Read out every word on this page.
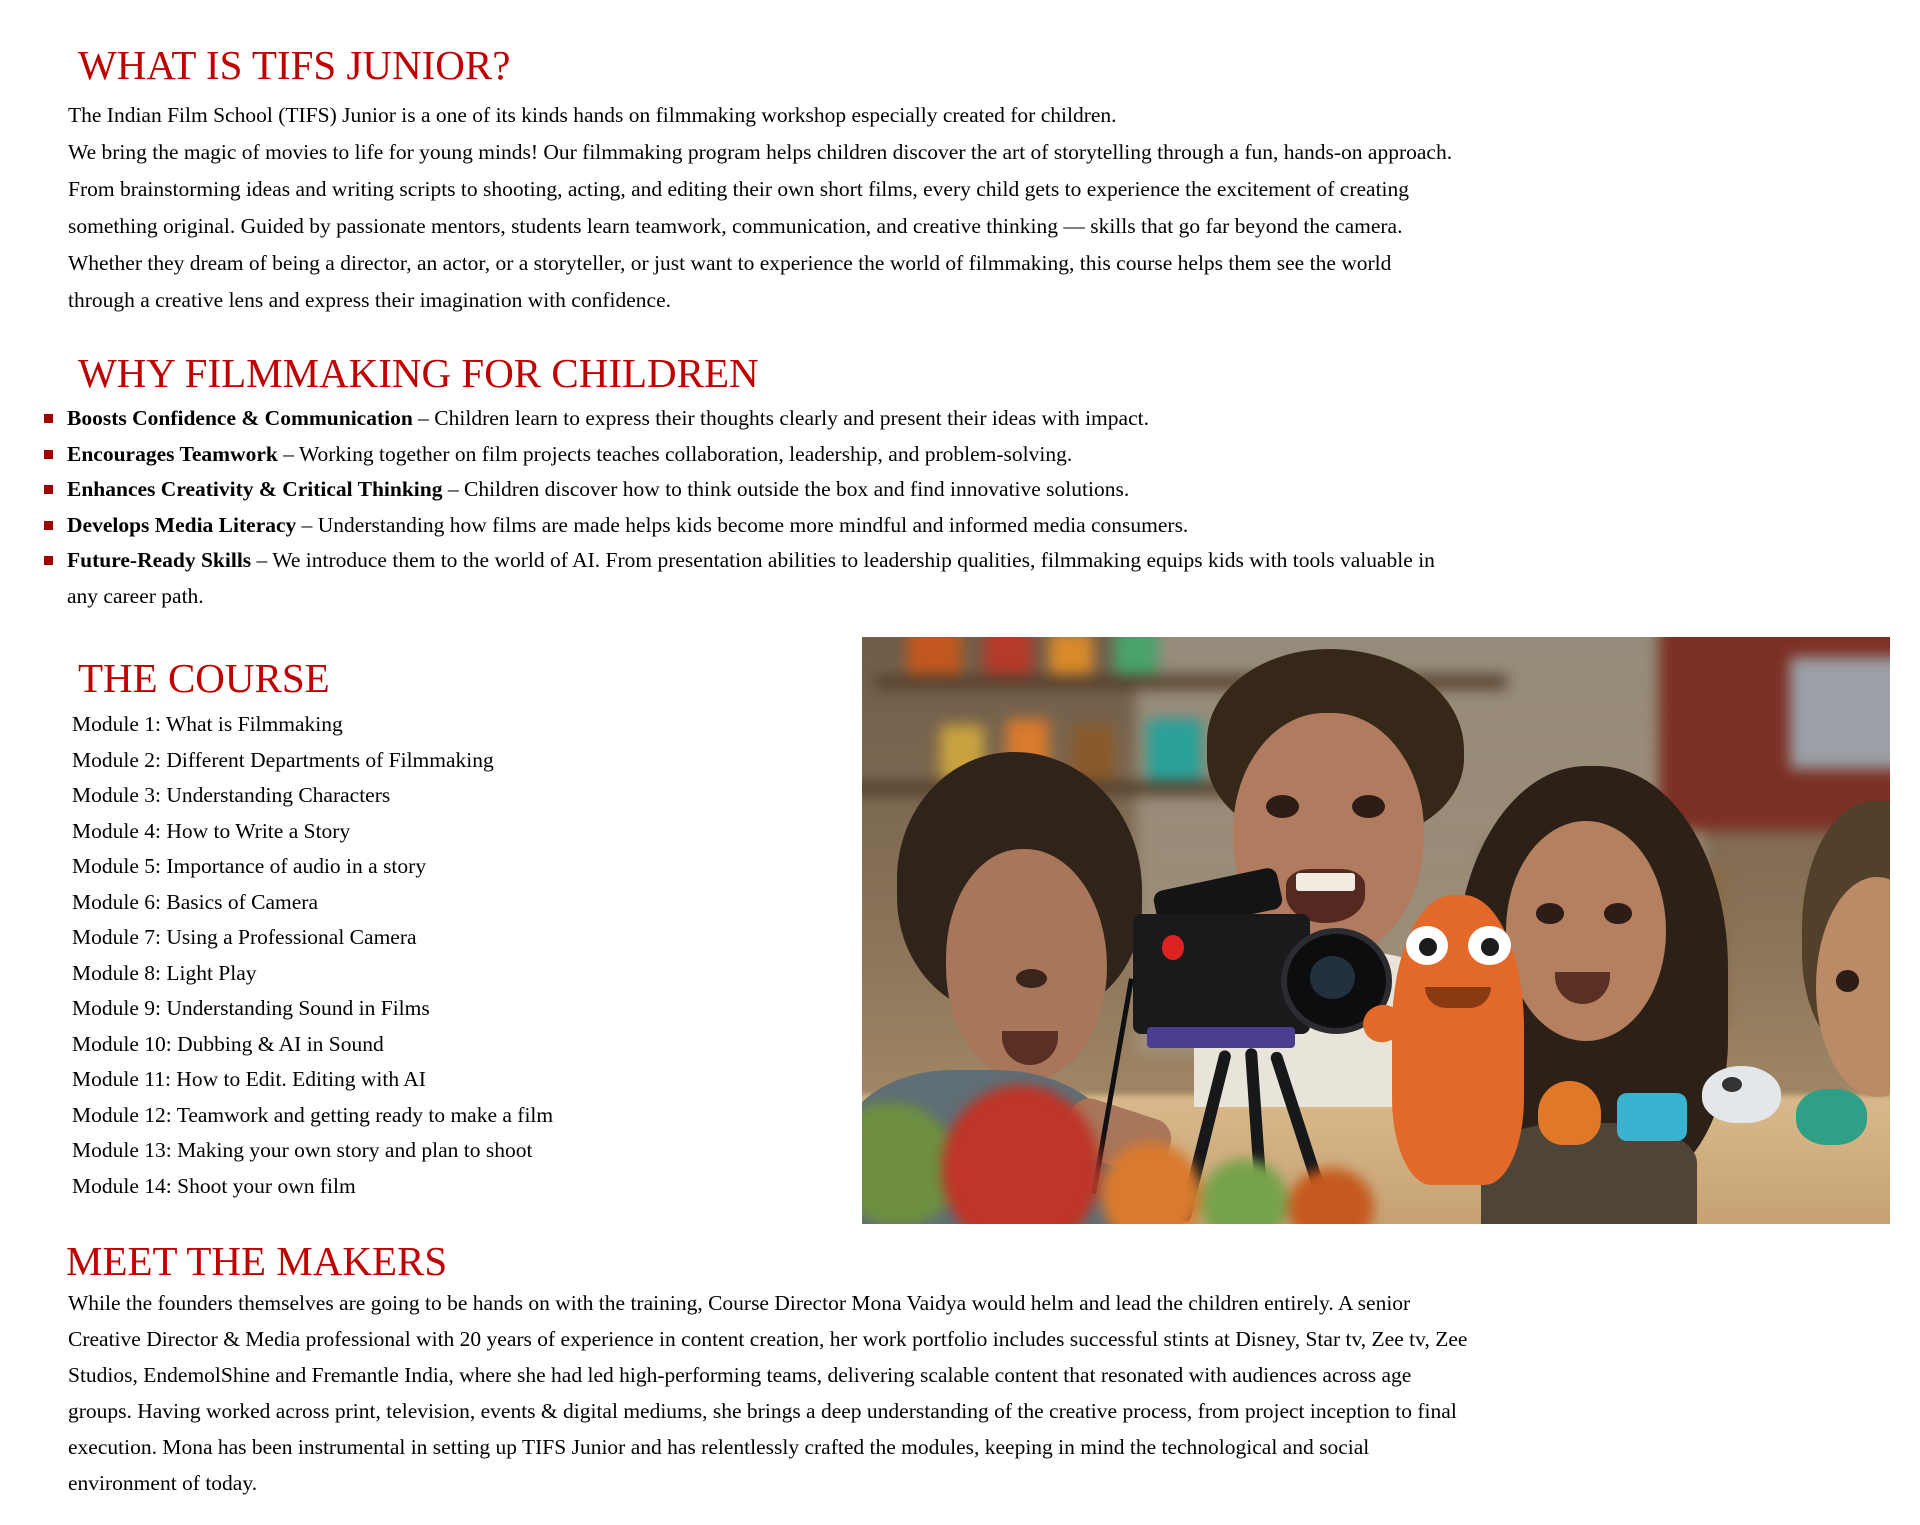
WHAT IS TIFS JUNIOR?
The Indian Film School (TIFS) Junior is a one of its kinds hands on filmmaking workshop especially created for children.
We bring the magic of movies to life for young minds! Our filmmaking program helps children discover the art of storytelling through a fun, hands-on approach. From brainstorming ideas and writing scripts to shooting, acting, and editing their own short films, every child gets to experience the excitement of creating something original. Guided by passionate mentors, students learn teamwork, communication, and creative thinking — skills that go far beyond the camera. Whether they dream of being a director, an actor, or a storyteller, or just want to experience the world of filmmaking, this course helps them see the world through a creative lens and express their imagination with confidence.
WHY FILMMAKING FOR CHILDREN
Boosts Confidence & Communication – Children learn to express their thoughts clearly and present their ideas with impact.
Encourages Teamwork – Working together on film projects teaches collaboration, leadership, and problem-solving.
Enhances Creativity & Critical Thinking – Children discover how to think outside the box and find innovative solutions.
Develops Media Literacy – Understanding how films are made helps kids become more mindful and informed media consumers.
Future-Ready Skills – We introduce them to the world of AI. From presentation abilities to leadership qualities, filmmaking equips kids with tools valuable in any career path.
THE COURSE
Module 1: What is Filmmaking
Module 2: Different Departments of Filmmaking
Module 3: Understanding Characters
Module 4: How to Write a Story
Module 5: Importance of audio in a story
Module 6: Basics of Camera
Module 7: Using a Professional Camera
Module 8: Light Play
Module 9: Understanding Sound in Films
Module 10: Dubbing & AI in Sound
Module 11: How to Edit. Editing with AI
Module 12: Teamwork and getting ready to make a film
Module 13: Making your own story and plan to shoot
Module 14: Shoot your own film
MEET THE MAKERS
While the founders themselves are going to be hands on with the training, Course Director Mona Vaidya would helm and lead the children entirely. A senior Creative Director & Media professional with 20 years of experience in content creation, her work portfolio includes successful stints at Disney, Star tv, Zee tv, Zee Studios, EndemolShine and Fremantle India, where she had led high-performing teams, delivering scalable content that resonated with audiences across age groups. Having worked across print, television, events & digital mediums, she brings a deep understanding of the creative process, from project inception to final execution. Mona has been instrumental in setting up TIFS Junior and has relentlessly crafted the modules, keeping in mind the technological and social environment of today.
